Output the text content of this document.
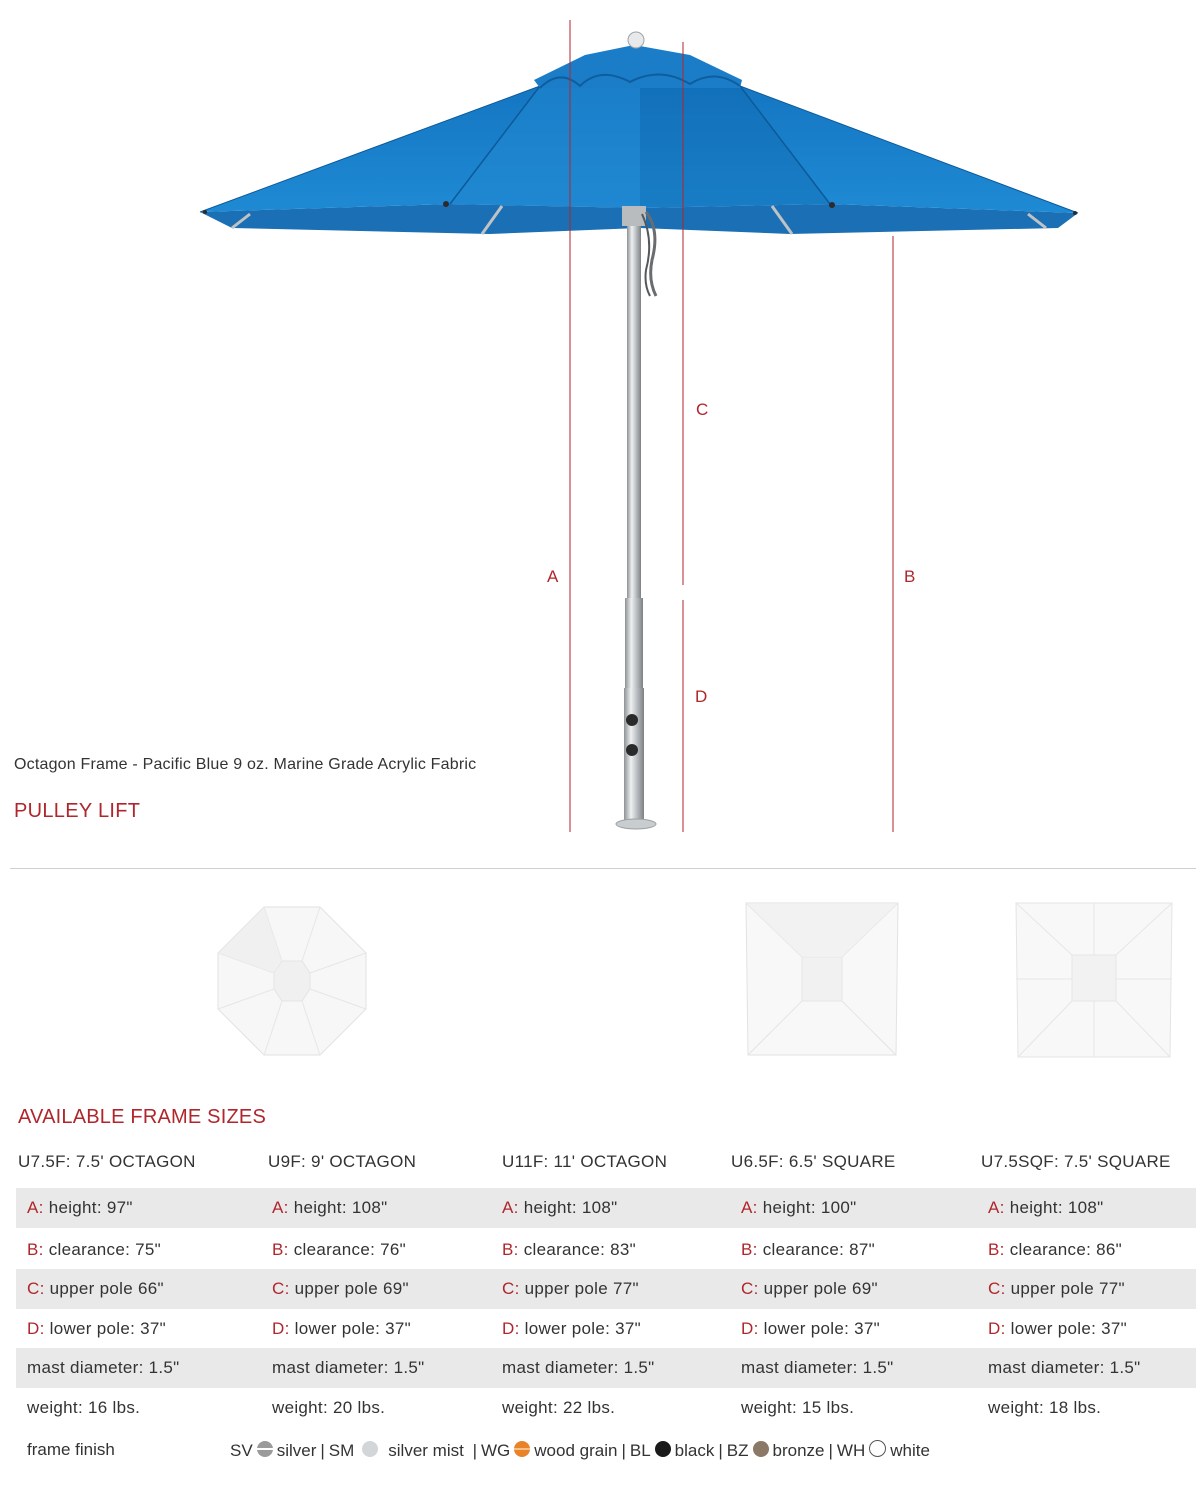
A
C
D
B
Octagon Frame - Pacific Blue 9 oz. Marine Grade Acrylic Fabric
PULLEY LIFT
AVAILABLE FRAME SIZES
U7.5F: 7.5' OCTAGON	U9F: 9' OCTAGON	U11F: 11' OCTAGON	U6.5F: 6.5' SQUARE	U7.5SQF: 7.5' SQUARE
A: height: 97"	A: height: 108"	A: height: 108"	A: height: 100"	A: height: 108"
B: clearance: 75"	B: clearance: 76"	B: clearance: 83"	B: clearance: 87"	B: clearance: 86"
C: upper pole 66"	C: upper pole 69"	C: upper pole 77"	C: upper pole 69"	C: upper pole 77"
D: lower pole: 37"	D: lower pole: 37"	D: lower pole: 37"	D: lower pole: 37"	D: lower pole: 37"
mast diameter: 1.5"	mast diameter: 1.5"	mast diameter: 1.5"	mast diameter: 1.5"	mast diameter: 1.5"
weight: 16 lbs.	weight: 20 lbs.	weight: 22 lbs.	weight: 15 lbs.	weight: 18 lbs.
frame finish	SV silver | SM silver mist | WG wood grain | BL black | BZ bronze | WH white
